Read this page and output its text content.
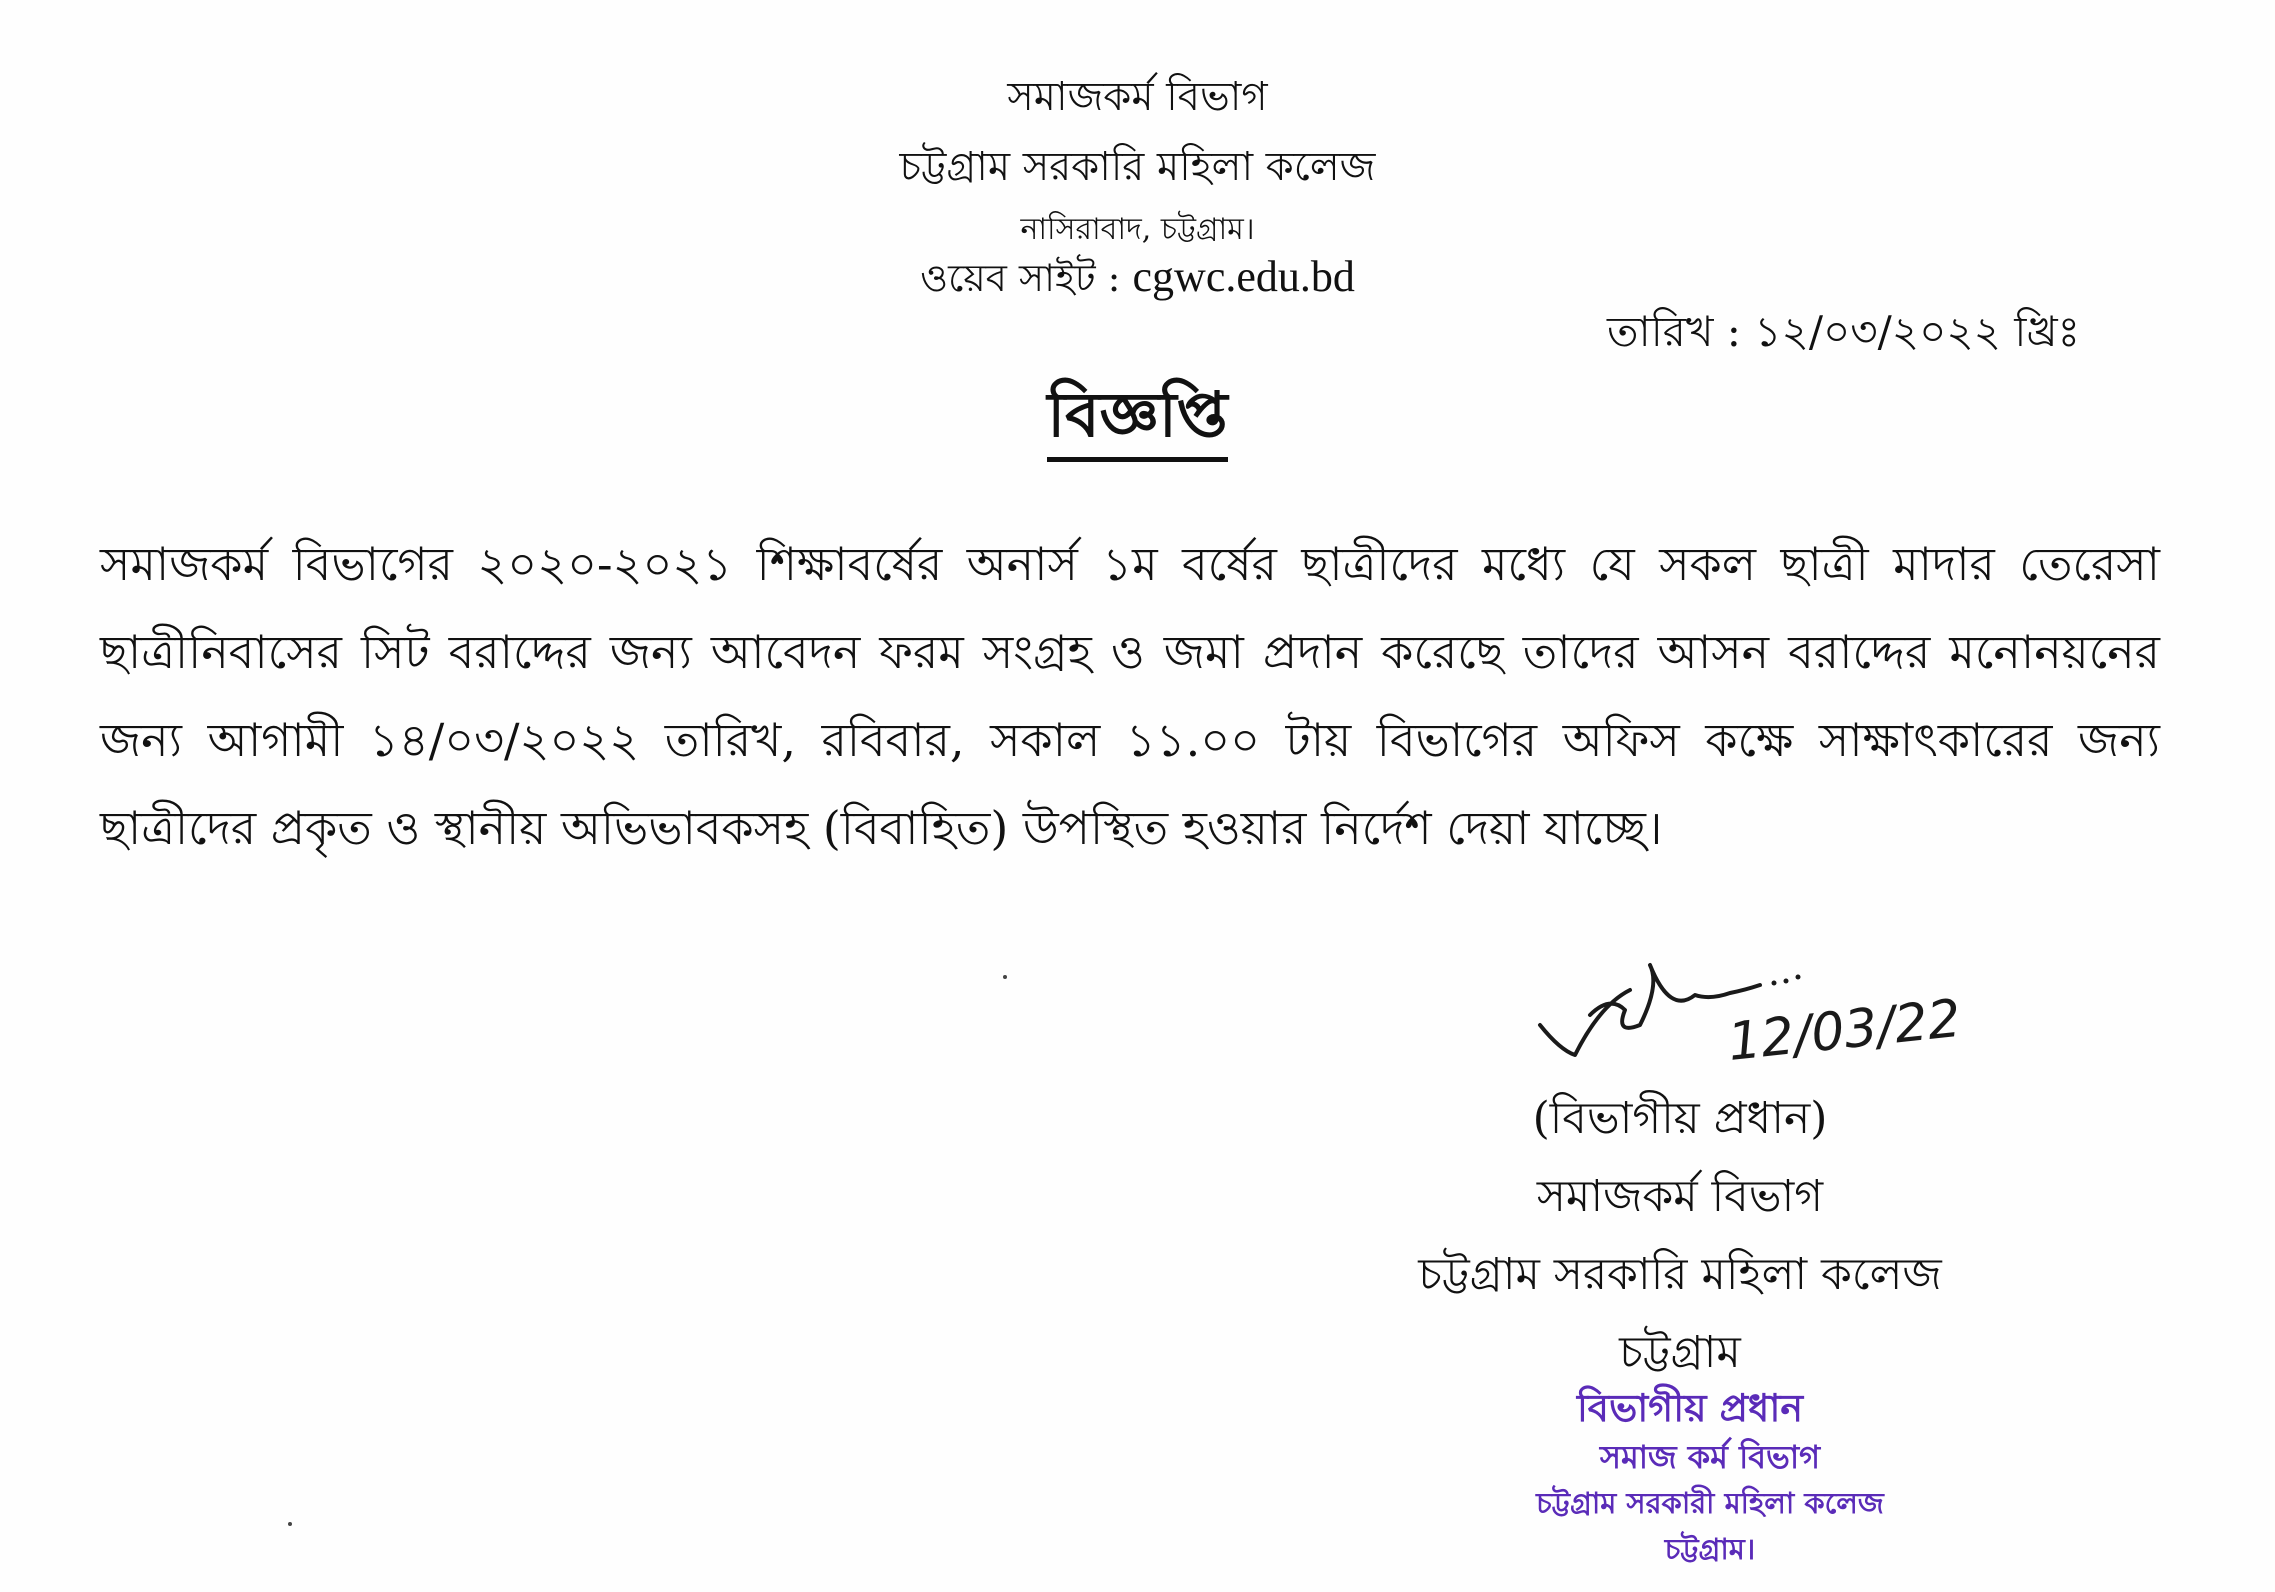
সমাজকর্ম বিভাগ
চট্টগ্রাম সরকারি মহিলা কলেজ
নাসিরাবাদ, চট্টগ্রাম।
ওয়েব সাইট : cgwc.edu.bd
তারিখ : ১২/০৩/২০২২ খ্রিঃ
বিজ্ঞপ্তি
সমাজকর্ম বিভাগের ২০২০-২০২১ শিক্ষাবর্ষের অনার্স ১ম বর্ষের ছাত্রীদের মধ্যে যে সকল ছাত্রী মাদার তেরেসা ছাত্রীনিবাসের সিট বরাদ্দের জন্য আবেদন ফরম সংগ্রহ ও জমা প্রদান করেছে তাদের আসন বরাদ্দের মনোনয়নের জন্য আগামী ১৪/০৩/২০২২ তারিখ, রবিবার, সকাল ১১.০০ টায় বিভাগের অফিস কক্ষে সাক্ষাৎকারের জন্য ছাত্রীদের প্রকৃত ও স্থানীয় অভিভাবকসহ (বিবাহিত) উপস্থিত হওয়ার নির্দেশ দেয়া যাচ্ছে।
12/03/22
(বিভাগীয় প্রধান)
সমাজকর্ম বিভাগ
চট্টগ্রাম সরকারি মহিলা কলেজ
চট্টগ্রাম
বিভাগীয় প্রধান
সমাজ কর্ম বিভাগ
চট্টগ্রাম সরকারী মহিলা কলেজ
চট্টগ্রাম।
